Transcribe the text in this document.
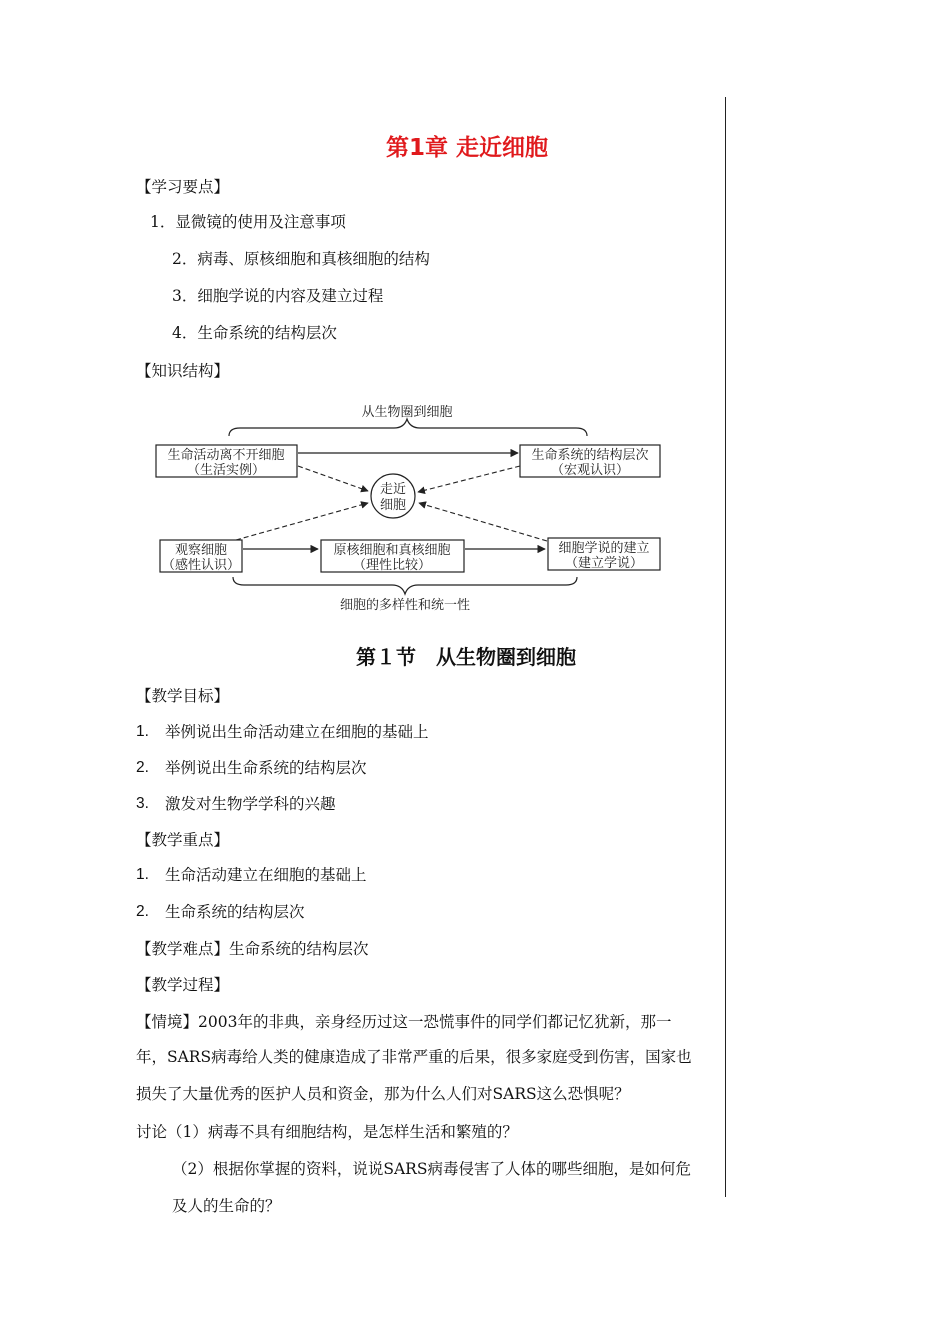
第1章 走近细胞
【学习要点】
1．显微镜的使用及注意事项
2．病毒、原核细胞和真核细胞的结构
3．细胞学说的内容及建立过程
4．生命系统的结构层次
【知识结构】
从生物圈到细胞
生命活动离不开细胞
（生活实例）
生命系统的结构层次
（宏观认识）
走近
细胞
观察细胞
（感性认识）
原核细胞和真核细胞
（理性比较）
细胞学说的建立
（建立学说）
细胞的多样性和统一性
第１节　从生物圈到细胞
【教学目标】
1. 举例说出生命活动建立在细胞的基础上
2. 举例说出生命系统的结构层次
3. 激发对生物学学科的兴趣
【教学重点】
1. 生命活动建立在细胞的基础上
2. 生命系统的结构层次
【教学难点】生命系统的结构层次
【教学过程】
【情境】2003年的非典，亲身经历过这一恐慌事件的同学们都记忆犹新，那一
年，SARS病毒给人类的健康造成了非常严重的后果，很多家庭受到伤害，国家也
损失了大量优秀的医护人员和资金，那为什么人们对SARS这么恐惧呢？
讨论（1）病毒不具有细胞结构，是怎样生活和繁殖的？
（2）根据你掌握的资料，说说SARS病毒侵害了人体的哪些细胞，是如何危
及人的生命的？
